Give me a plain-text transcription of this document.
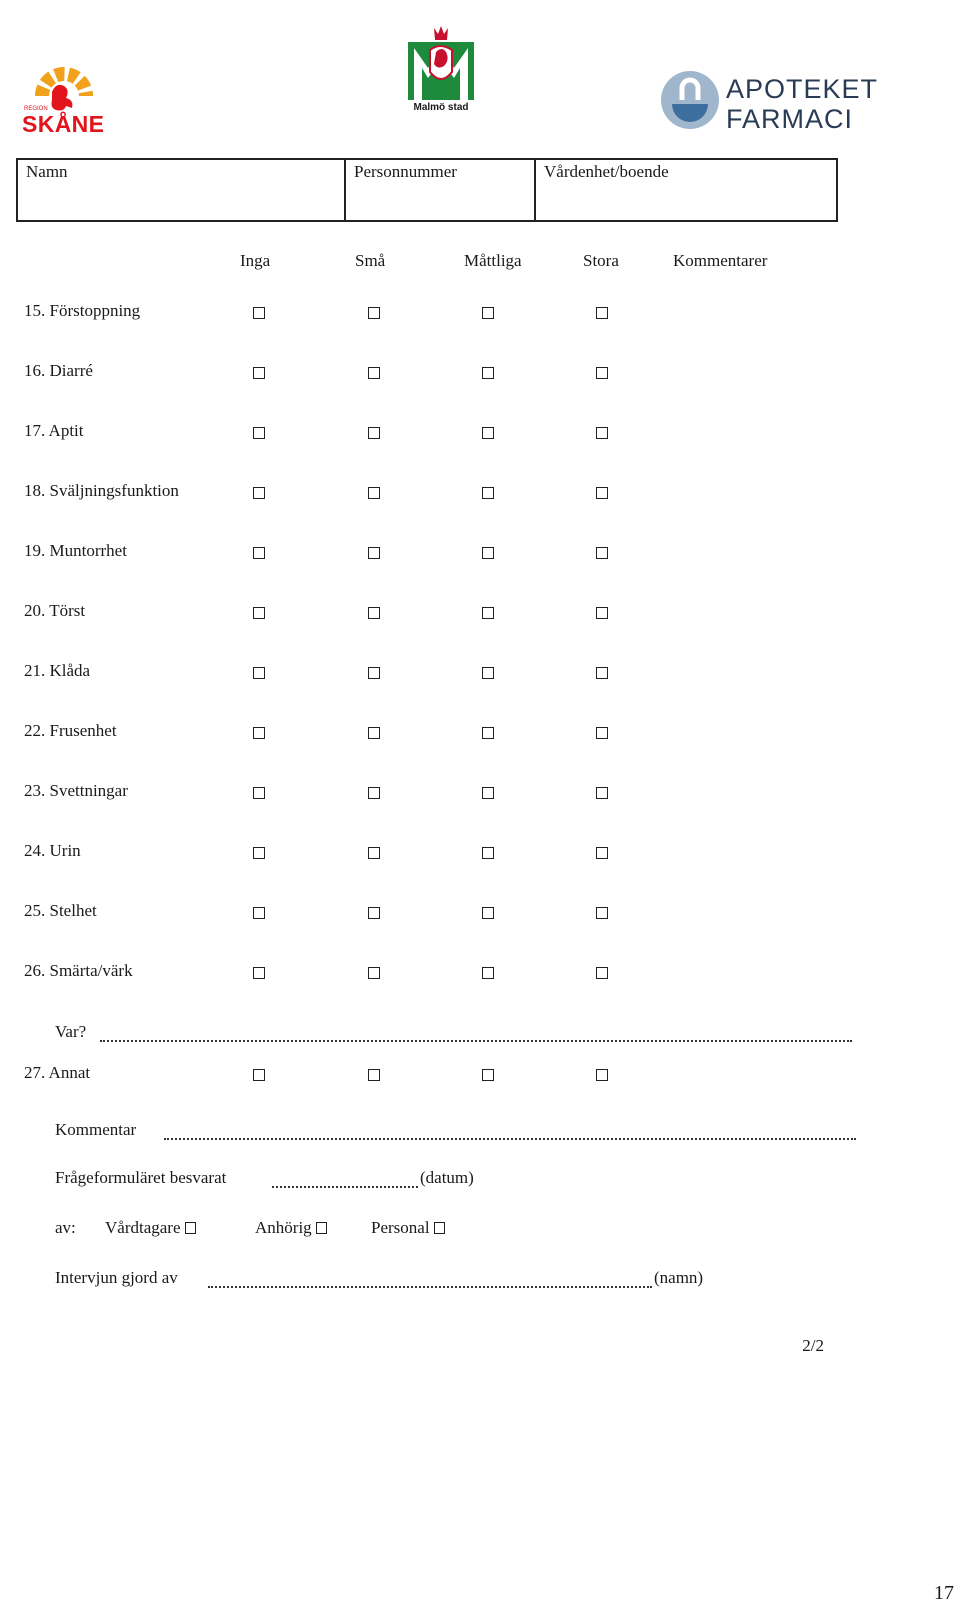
REGION
SKÅNE
Malmö stad
APOTEKET
FARMACI
Namn	Personnummer	Vårdenhet/boende
Inga	Små	Måttliga	Stora	Kommentarer
15. Förstoppning
16. Diarré
17. Aptit
18. Sväljningsfunktion
19. Muntorrhet
20. Törst
21. Klåda
22. Frusenhet
23. Svettningar
24. Urin
25. Stelhet
26. Smärta/värk
27. Annat
Var?
Kommentar
Frågeformuläret besvarat	(datum)
av: Vårdtagare	Anhörig	Personal
Intervjun gjord av	(namn)
2/2
17
